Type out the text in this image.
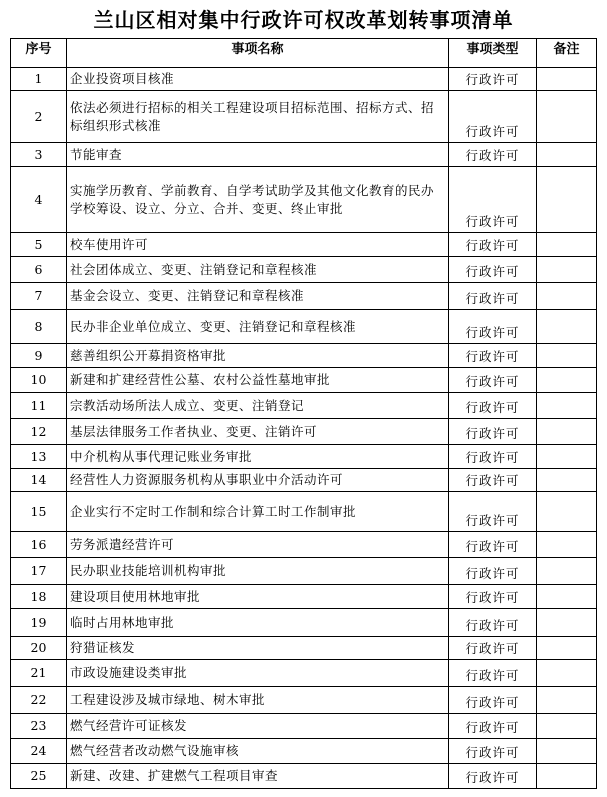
兰山区相对集中行政许可权改革划转事项清单
序号	事项名称	事项类型	备注
1	企业投资项目核准	行政许可	
2	依法必须进行招标的相关工程建设项目招标范围、招标方式、招标组织形式核准	行政许可	
3	节能审查	行政许可	
4	实施学历教育、学前教育、自学考试助学及其他文化教育的民办学校筹设、设立、分立、合并、变更、终止审批	行政许可	
5	校车使用许可	行政许可	
6	社会团体成立、变更、注销登记和章程核准	行政许可	
7	基金会设立、变更、注销登记和章程核准	行政许可	
8	民办非企业单位成立、变更、注销登记和章程核准	行政许可	
9	慈善组织公开募捐资格审批	行政许可	
10	新建和扩建经营性公墓、农村公益性墓地审批	行政许可	
11	宗教活动场所法人成立、变更、注销登记	行政许可	
12	基层法律服务工作者执业、变更、注销许可	行政许可	
13	中介机构从事代理记账业务审批	行政许可	
14	经营性人力资源服务机构从事职业中介活动许可	行政许可	
15	企业实行不定时工作制和综合计算工时工作制审批	行政许可	
16	劳务派遣经营许可	行政许可	
17	民办职业技能培训机构审批	行政许可	
18	建设项目使用林地审批	行政许可	
19	临时占用林地审批	行政许可	
20	狩猎证核发	行政许可	
21	市政设施建设类审批	行政许可	
22	工程建设涉及城市绿地、树木审批	行政许可	
23	燃气经营许可证核发	行政许可	
24	燃气经营者改动燃气设施审核	行政许可	
25	新建、改建、扩建燃气工程项目审查	行政许可	
